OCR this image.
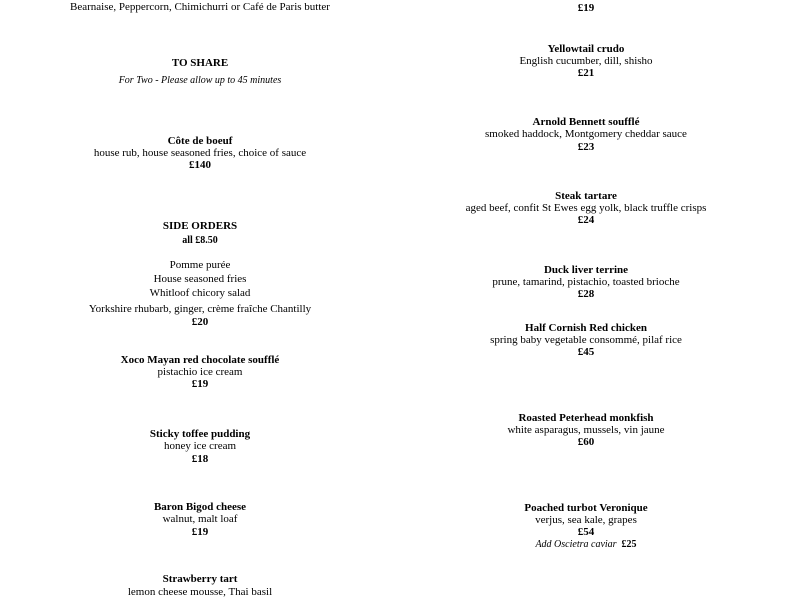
Bearnaise, Peppercorn, Chimichurri or Café de Paris butter
TO SHARE
For Two - Please allow up to 45 minutes
Côte de boeuf
house rub, house seasoned fries, choice of sauce
£140
SIDE ORDERS
all £8.50
Pomme purée
House seasoned fries
Whitloof chicory salad
Yorkshire rhubarb, ginger, crème fraîche Chantilly
£20
Xoco Mayan red chocolate soufflé
pistachio ice cream
£19
Sticky toffee pudding
honey ice cream
£18
Baron Bigod cheese
walnut, malt loaf
£19
Strawberry tart
lemon cheese mousse, Thai basil
£19
Yellowtail crudo
English cucumber, dill, shisho
£21
Arnold Bennett soufflé
smoked haddock, Montgomery cheddar sauce
£23
Steak tartare
aged beef, confit St Ewes egg yolk, black truffle crisps
£24
Duck liver terrine
prune, tamarind, pistachio, toasted brioche
£28
Half Cornish Red chicken
spring baby vegetable consommé, pilaf rice
£45
Roasted Peterhead monkfish
white asparagus, mussels, vin jaune
£60
Poached turbot Veronique
verjus, sea kale, grapes
£54
Add Oscietra caviar £25
